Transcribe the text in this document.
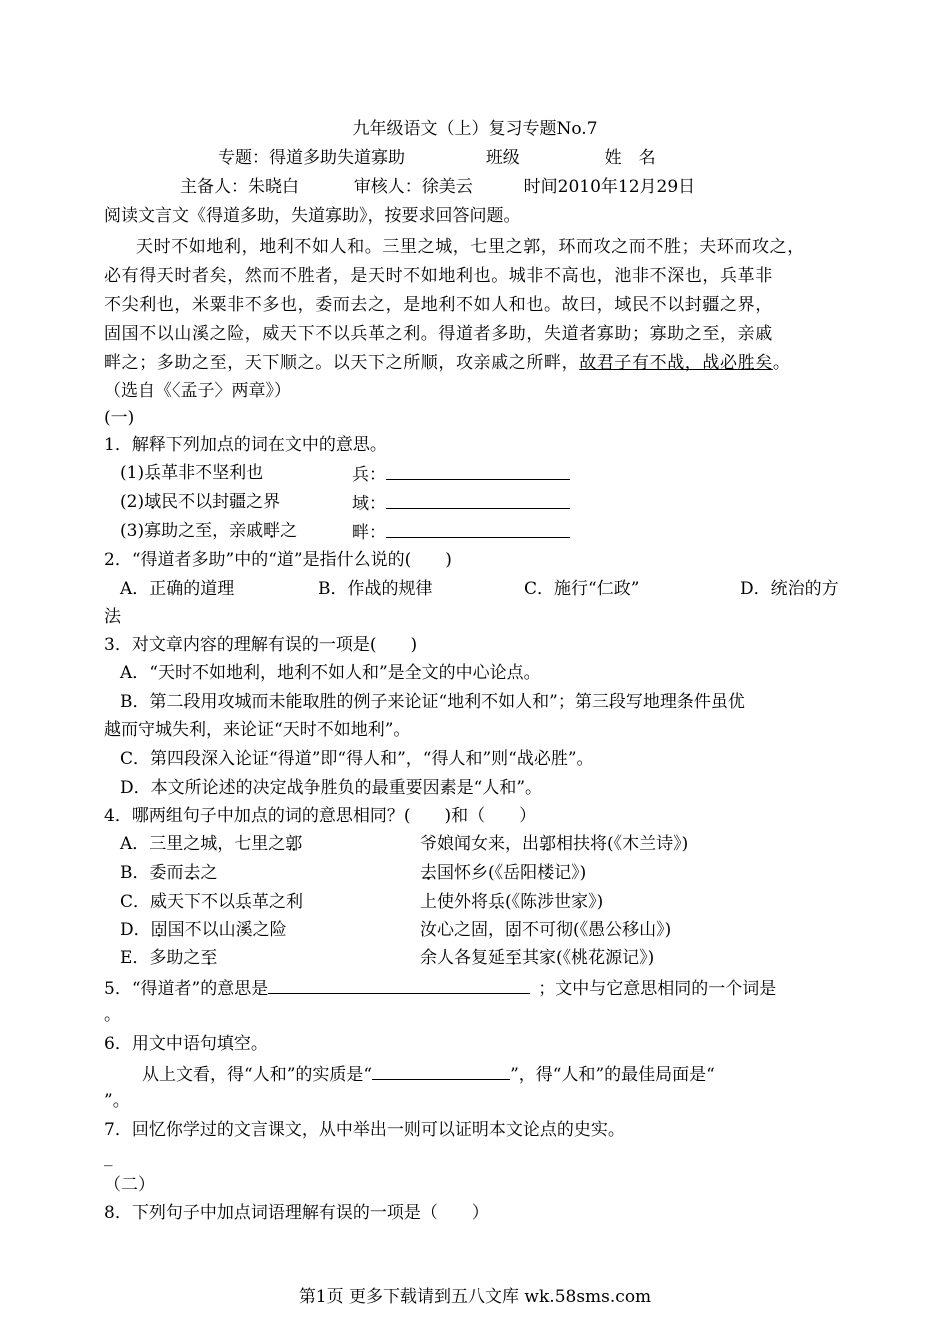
九年级语文（上）复习专题No.7
专题：得道多助失道寡助	班级	姓　名
主备人：朱晓白	审核人：徐美云	时间2010年12月29日
阅读文言文《得道多助，失道寡助》，按要求回答问题。
天时不如地利，地利不如人和。三里之城，七里之郭，环而攻之而不胜；夫环而攻之，
必有得天时者矣，然而不胜者，是天时不如地利也。城非不高也，池非不深也，兵革非
不尖利也，米粟非不多也，委而去之，是地利不如人和也。故曰，域民不以封疆之界，
固国不以山溪之险，威天下不以兵革之利。得道者多助，失道者寡助；寡助之至，亲戚
畔之；多助之至，天下顺之。以天下之所顺，攻亲戚之所畔，故君子有不战，战必胜矣。
（选自《〈孟子〉两章》）
(一)
1．解释下列加点的词在文中的意思。
(1)兵革非不坚利也	兵：
(2)域民不以封疆之界	域：
(3)寡助之至，亲戚畔之	畔：
2．“得道者多助”中的“道”是指什么说的(　　)
A．正确的道理	B．作战的规律	C．施行“仁政”	D．统治的方
法
3．对文章内容的理解有误的一项是(　　)
A．“天时不如地利，地利不如人和”是全文的中心论点。
B．第二段用攻城而未能取胜的例子来论证“地利不如人和”；第三段写地理条件虽优
越而守城失利，来论证“天时不如地利”。
C．第四段深入论证“得道”即“得人和”，“得人和”则“战必胜”。
D．本文所论述的决定战争胜负的最重要因素是“人和”。
4．哪两组句子中加点的词的意思相同？(　　)和（　　）
A．三里之城，七里之郭	爷娘闻女来，出郭相扶将(《木兰诗》)
B．委而去之	去国怀乡(《岳阳楼记》)
C．威天下不以兵革之利	上使外将兵(《陈涉世家》)
D．固国不以山溪之险	汝心之固，固不可彻(《愚公移山》)
E．多助之至	余人各复延至其家(《桃花源记》)
5．“得道者”的意思是	；文中与它意思相同的一个词是
。
6．用文中语句填空。
从上文看，得“人和”的实质是“	”，得“人和”的最佳局面是“
”。
7．回忆你学过的文言课文，从中举出一则可以证明本文论点的史实。
_
（二）
8．下列句子中加点词语理解有误的一项是（　　）
第1页 更多下载请到五八文库 wk.58sms.com
